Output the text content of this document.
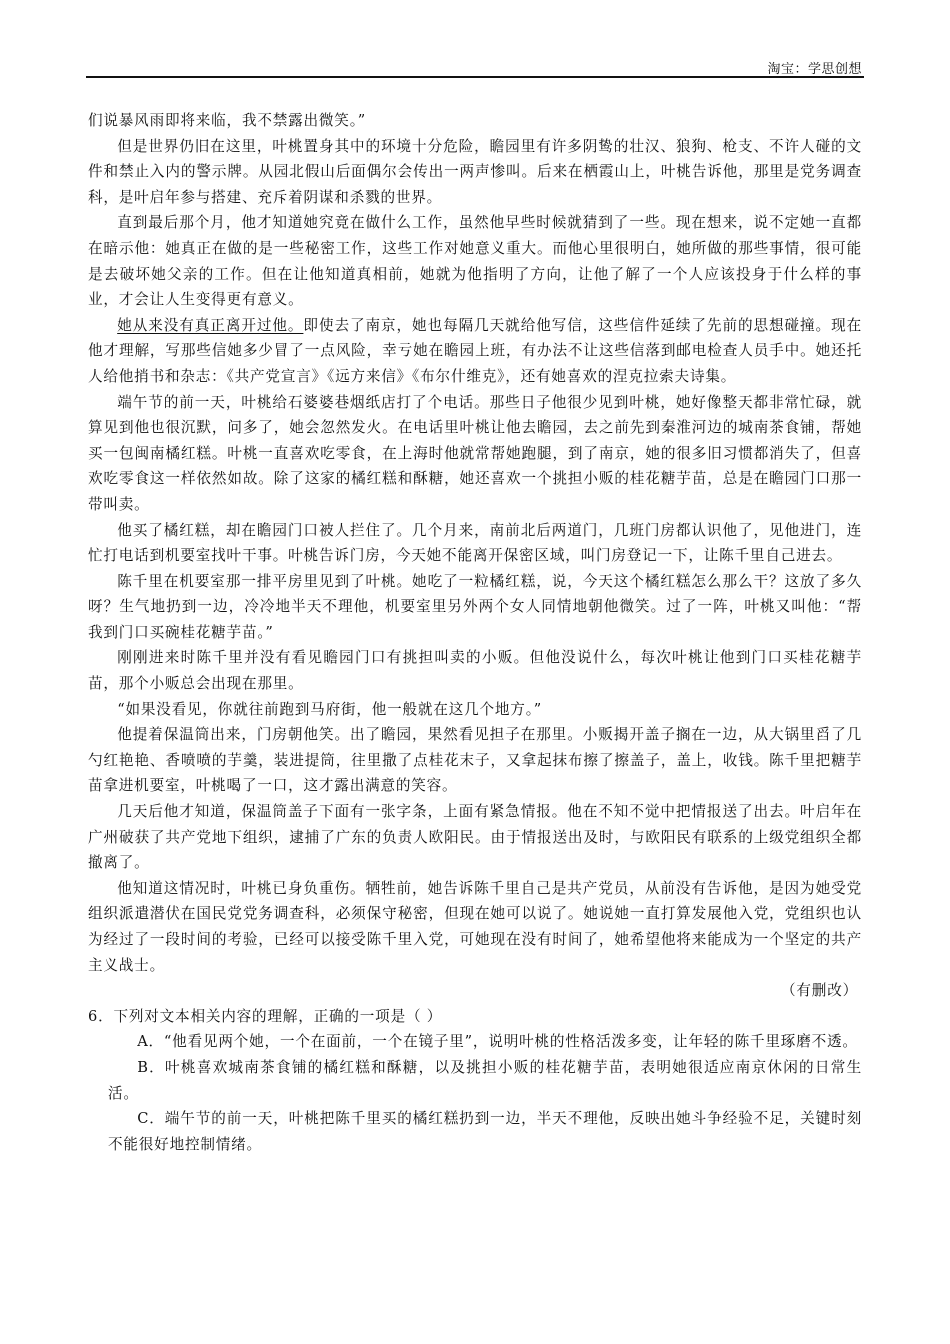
淘宝：学思创想

们说暴风雨即将来临，我不禁露出微笑。”

但是世界仍旧在这里，叶桃置身其中的环境十分危险，瞻园里有许多阴鸷的壮汉、狼狗、枪支、不许人碰的文件和禁止入内的警示牌。从园北假山后面偶尔会传出一两声惨叫。后来在栖霞山上，叶桃告诉他，那里是党务调查科，是叶启年参与搭建、充斥着阴谋和杀戮的世界。

直到最后那个月，他才知道她究竟在做什么工作，虽然他早些时候就猜到了一些。现在想来，说不定她一直都在暗示他：她真正在做的是一些秘密工作，这些工作对她意义重大。而他心里很明白，她所做的那些事情，很可能是去破坏她父亲的工作。但在让他知道真相前，她就为他指明了方向，让他了解了一个人应该投身于什么样的事业，才会让人生变得更有意义。

她从来没有真正离开过他。即使去了南京，她也每隔几天就给他写信，这些信件延续了先前的思想碰撞。现在他才理解，写那些信她多少冒了一点风险，幸亏她在瞻园上班，有办法不让这些信落到邮电检查人员手中。她还托人给他捎书和杂志：《共产党宣言》《远方来信》《布尔什维克》，还有她喜欢的涅克拉索夫诗集。

端午节的前一天，叶桃给石婆婆巷烟纸店打了个电话。那些日子他很少见到叶桃，她好像整天都非常忙碌，就算见到他也很沉默，问多了，她会忽然发火。在电话里叶桃让他去瞻园，去之前先到秦淮河边的城南茶食铺，帮她买一包闽南橘红糕。叶桃一直喜欢吃零食，在上海时他就常帮她跑腿，到了南京，她的很多旧习惯都消失了，但喜欢吃零食这一样依然如故。除了这家的橘红糕和酥糖，她还喜欢一个挑担小贩的桂花糖芋苗，总是在瞻园门口那一带叫卖。

他买了橘红糕，却在瞻园门口被人拦住了。几个月来，南前北后两道门，几班门房都认识他了，见他进门，连忙打电话到机要室找叶干事。叶桃告诉门房，今天她不能离开保密区域，叫门房登记一下，让陈千里自己进去。

陈千里在机要室那一排平房里见到了叶桃。她吃了一粒橘红糕，说，今天这个橘红糕怎么那么干？这放了多久呀？生气地扔到一边，冷冷地半天不理他，机要室里另外两个女人同情地朝他微笑。过了一阵，叶桃又叫他：“帮我到门口买碗桂花糖芋苗。”

刚刚进来时陈千里并没有看见瞻园门口有挑担叫卖的小贩。但他没说什么，每次叶桃让他到门口买桂花糖芋苗，那个小贩总会出现在那里。

“如果没看见，你就往前跑到马府街，他一般就在这几个地方。”

他提着保温筒出来，门房朝他笑。出了瞻园，果然看见担子在那里。小贩揭开盖子搁在一边，从大锅里舀了几勺红艳艳、香喷喷的芋羹，装进提筒，往里撒了点桂花末子，又拿起抹布擦了擦盖子，盖上，收钱。陈千里把糖芋苗拿进机要室，叶桃喝了一口，这才露出满意的笑容。

几天后他才知道，保温筒盖子下面有一张字条，上面有紧急情报。他在不知不觉中把情报送了出去。叶启年在广州破获了共产党地下组织，逮捕了广东的负责人欧阳民。由于情报送出及时，与欧阳民有联系的上级党组织全都撤离了。

他知道这情况时，叶桃已身负重伤。牺牲前，她告诉陈千里自己是共产党员，从前没有告诉他，是因为她受党组织派遣潜伏在国民党党务调查科，必须保守秘密，但现在她可以说了。她说她一直打算发展他入党，党组织也认为经过了一段时间的考验，已经可以接受陈千里入党，可她现在没有时间了，她希望他将来能成为一个坚定的共产主义战士。

（有删改）

6．下列对文本相关内容的理解，正确的一项是（ ）

A．“他看见两个她，一个在面前，一个在镜子里”，说明叶桃的性格活泼多变，让年轻的陈千里琢磨不透。

B．叶桃喜欢城南茶食铺的橘红糕和酥糖，以及挑担小贩的桂花糖芋苗，表明她很适应南京休闲的日常生活。

C．端午节的前一天，叶桃把陈千里买的橘红糕扔到一边，半天不理他，反映出她斗争经验不足，关键时刻不能很好地控制情绪。
